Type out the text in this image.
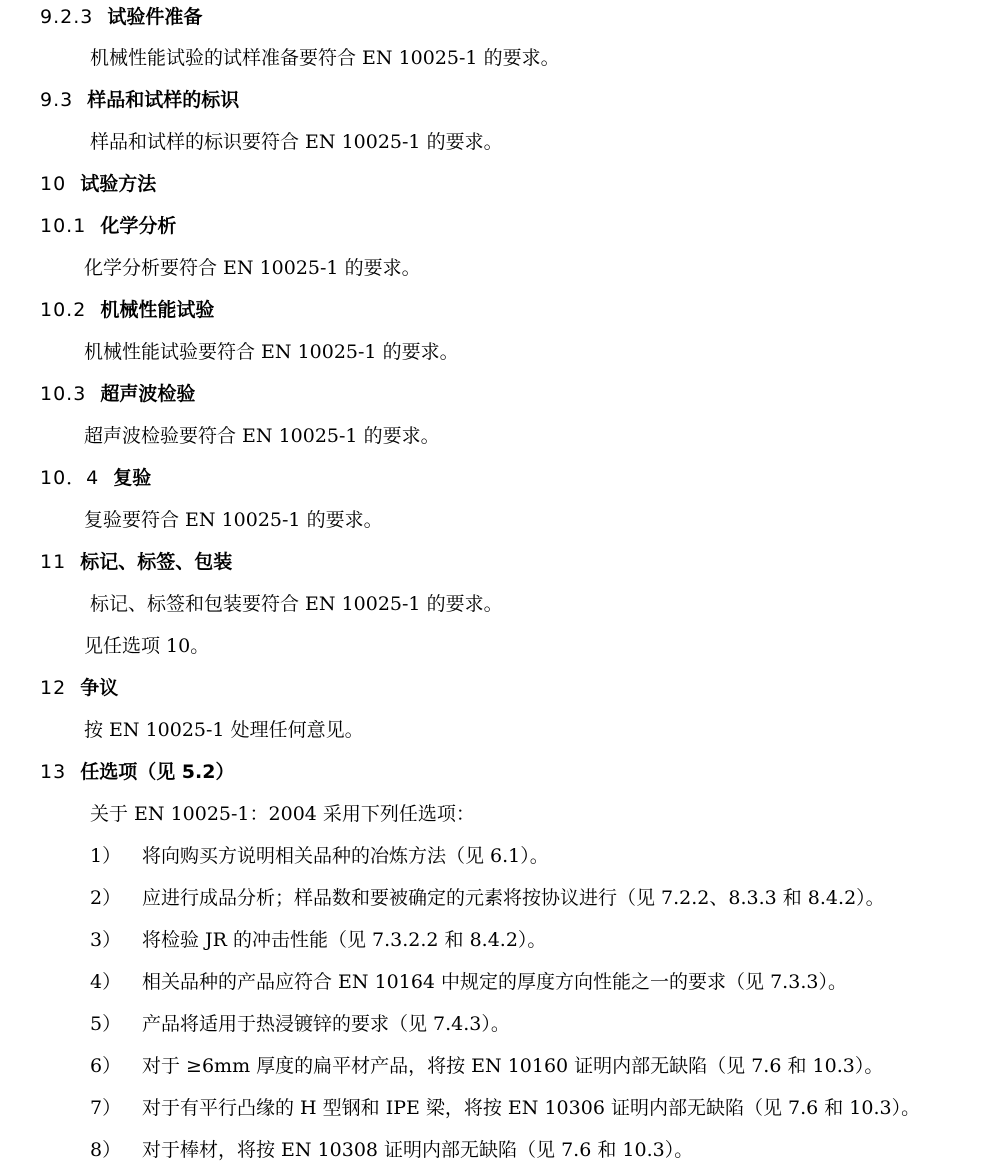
9.2.3 试验件准备
机械性能试验的试样准备要符合 EN 10025-1 的要求。
9.3 样品和试样的标识
样品和试样的标识要符合 EN 10025-1 的要求。
10 试验方法
10.1 化学分析
化学分析要符合 EN 10025-1 的要求。
10.2 机械性能试验
机械性能试验要符合 EN 10025-1 的要求。
10.3 超声波检验
超声波检验要符合 EN 10025-1 的要求。
10．4 复验
复验要符合 EN 10025-1 的要求。
11 标记、标签、包装
标记、标签和包装要符合 EN 10025-1 的要求。
见任选项 10。
12 争议
按 EN 10025-1 处理任何意见。
13 任选项（见 5.2）
关于 EN 10025-1：2004 采用下列任选项：
1） 将向购买方说明相关品种的冶炼方法（见 6.1）。
2） 应进行成品分析；样品数和要被确定的元素将按协议进行（见 7.2.2、8.3.3 和 8.4.2）。
3） 将检验 JR 的冲击性能（见 7.3.2.2 和 8.4.2）。
4） 相关品种的产品应符合 EN 10164 中规定的厚度方向性能之一的要求（见 7.3.3）。
5） 产品将适用于热浸镀锌的要求（见 7.4.3）。
6） 对于 ≥6mm 厚度的扁平材产品，将按 EN 10160 证明内部无缺陷（见 7.6 和 10.3）。
7） 对于有平行凸缘的 H 型钢和 IPE 梁，将按 EN 10306 证明内部无缺陷（见 7.6 和 10.3）。
8） 对于棒材，将按 EN 10308 证明内部无缺陷（见 7.6 和 10.3）。
